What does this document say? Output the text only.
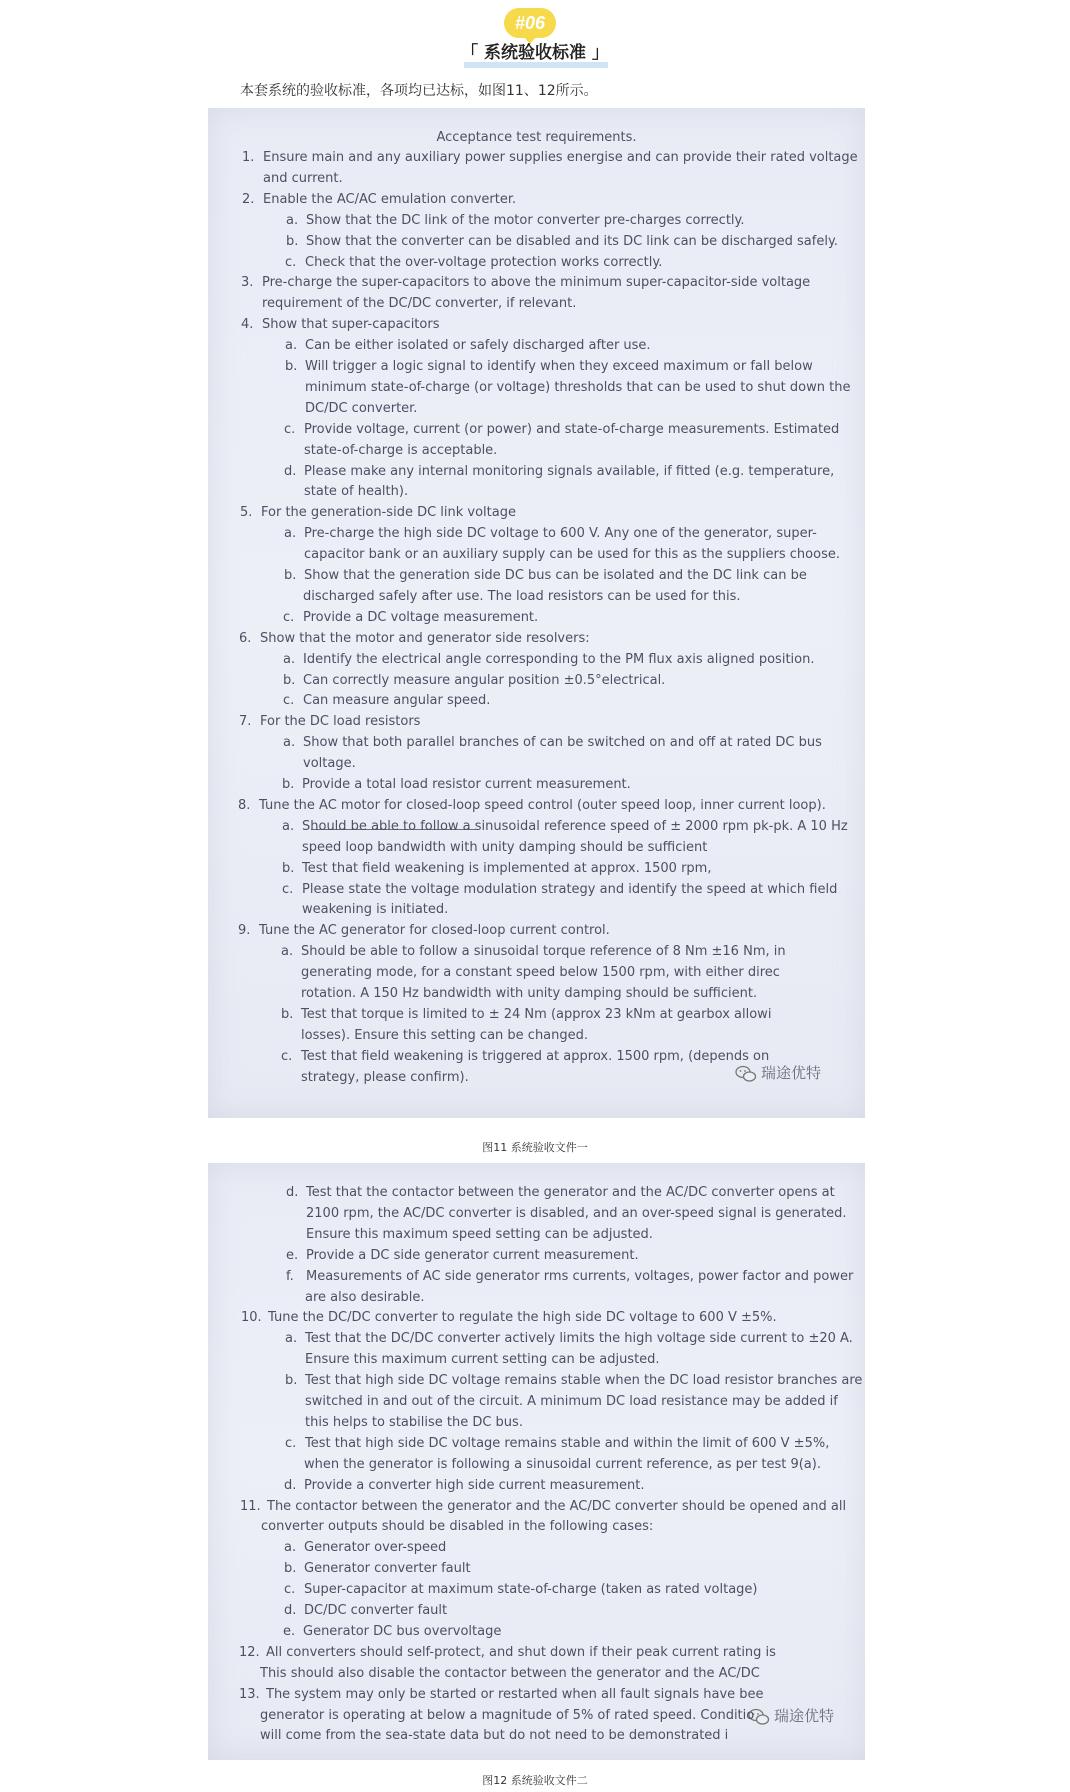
#06
「 系统验收标准 」
本套系统的验收标准，各项均已达标，如图11、12所示。
Acceptance test requirements.
瑞途优特
1. Ensure main and any auxiliary power supplies energise and can provide their rated voltage
and current.
2. Enable the AC/AC emulation converter.
a. Show that the DC link of the motor converter pre-charges correctly.
b. Show that the converter can be disabled and its DC link can be discharged safely.
c. Check that the over-voltage protection works correctly.
3. Pre-charge the super-capacitors to above the minimum super-capacitor-side voltage
requirement of the DC/DC converter, if relevant.
4. Show that super-capacitors
a. Can be either isolated or safely discharged after use.
b. Will trigger a logic signal to identify when they exceed maximum or fall below
minimum state-of-charge (or voltage) thresholds that can be used to shut down the
DC/DC converter.
c. Provide voltage, current (or power) and state-of-charge measurements. Estimated
state-of-charge is acceptable.
d. Please make any internal monitoring signals available, if fitted (e.g. temperature,
state of health).
5. For the generation-side DC link voltage
a. Pre-charge the high side DC voltage to 600 V. Any one of the generator, super-
capacitor bank or an auxiliary supply can be used for this as the suppliers choose.
b. Show that the generation side DC bus can be isolated and the DC link can be
discharged safely after use. The load resistors can be used for this.
c. Provide a DC voltage measurement.
6. Show that the motor and generator side resolvers:
a. Identify the electrical angle corresponding to the PM flux axis aligned position.
b. Can correctly measure angular position ±0.5°electrical.
c. Can measure angular speed.
7. For the DC load resistors
a. Show that both parallel branches of can be switched on and off at rated DC bus
voltage.
b. Provide a total load resistor current measurement.
8. Tune the AC motor for closed-loop speed control (outer speed loop, inner current loop).
a. Should be able to follow a sinusoidal reference speed of ± 2000 rpm pk-pk. A 10 Hz
speed loop bandwidth with unity damping should be sufficient
b. Test that field weakening is implemented at approx. 1500 rpm,
c. Please state the voltage modulation strategy and identify the speed at which field
weakening is initiated.
9. Tune the AC generator for closed-loop current control.
a. Should be able to follow a sinusoidal torque reference of 8 Nm ±16 Nm, in
generating mode, for a constant speed below 1500 rpm, with either direc
rotation. A 150 Hz bandwidth with unity damping should be sufficient.
b. Test that torque is limited to ± 24 Nm (approx 23 kNm at gearbox allowi
losses). Ensure this setting can be changed.
c. Test that field weakening is triggered at approx. 1500 rpm, (depends on
strategy, please confirm).
图11 系统验收文件一
瑞途优特
d. Test that the contactor between the generator and the AC/DC converter opens at
2100 rpm, the AC/DC converter is disabled, and an over-speed signal is generated.
Ensure this maximum speed setting can be adjusted.
e. Provide a DC side generator current measurement.
f. Measurements of AC side generator rms currents, voltages, power factor and power
are also desirable.
10. Tune the DC/DC converter to regulate the high side DC voltage to 600 V ±5%.
a. Test that the DC/DC converter actively limits the high voltage side current to ±20 A.
Ensure this maximum current setting can be adjusted.
b. Test that high side DC voltage remains stable when the DC load resistor branches are
switched in and out of the circuit. A minimum DC load resistance may be added if
this helps to stabilise the DC bus.
c. Test that high side DC voltage remains stable and within the limit of 600 V ±5%,
when the generator is following a sinusoidal current reference, as per test 9(a).
d. Provide a converter high side current measurement.
11. The contactor between the generator and the AC/DC converter should be opened and all
converter outputs should be disabled in the following cases:
a. Generator over-speed
b. Generator converter fault
c. Super-capacitor at maximum state-of-charge (taken as rated voltage)
d. DC/DC converter fault
e. Generator DC bus overvoltage
12. All converters should self-protect, and shut down if their peak current rating is
This should also disable the contactor between the generator and the AC/DC
13. The system may only be started or restarted when all fault signals have bee
generator is operating at below a magnitude of 5% of rated speed. Conditio
will come from the sea-state data but do not need to be demonstrated i
图12 系统验收文件二
